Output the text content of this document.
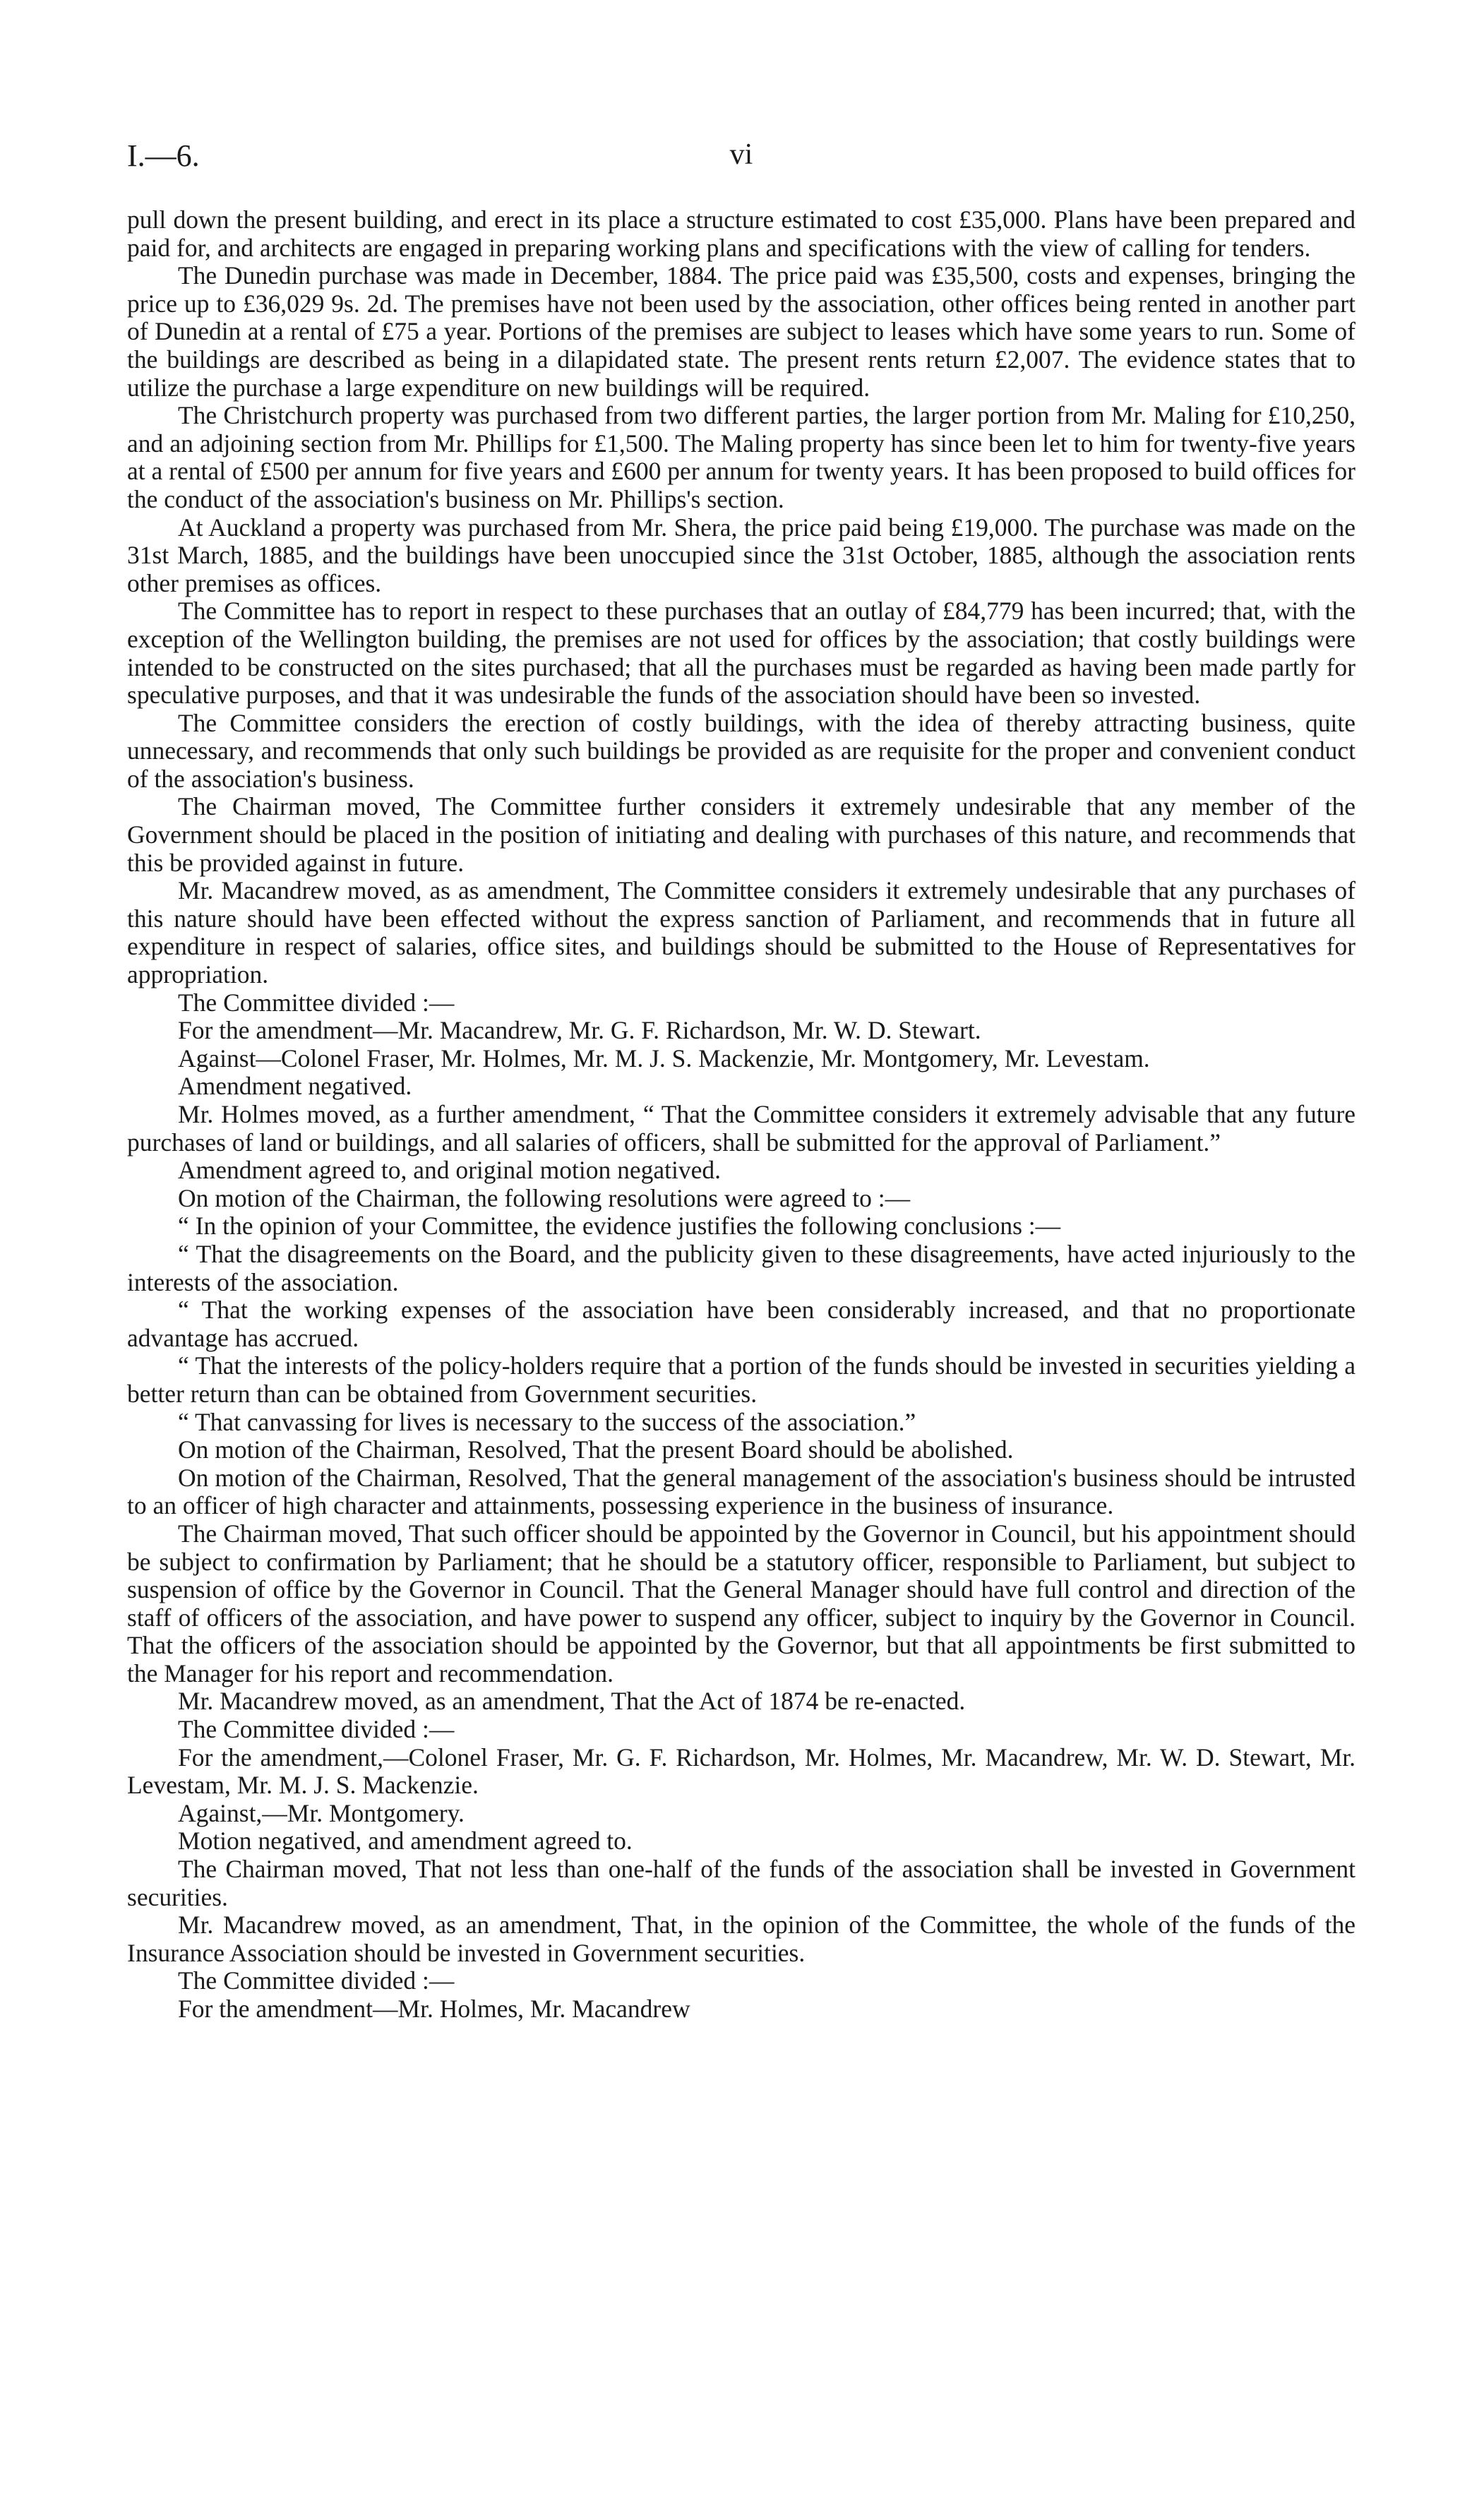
I.—6.	vi

pull down the present building, and erect in its place a structure estimated to cost £35,000. Plans have been prepared and paid for, and architects are engaged in preparing working plans and specifications with the view of calling for tenders.

The Dunedin purchase was made in December, 1884. The price paid was £35,500, costs and expenses, bringing the price up to £36,029 9s. 2d. The premises have not been used by the association, other offices being rented in another part of Dunedin at a rental of £75 a year. Portions of the premises are subject to leases which have some years to run. Some of the buildings are described as being in a dilapidated state. The present rents return £2,007. The evidence states that to utilize the purchase a large expenditure on new buildings will be required.

The Christchurch property was purchased from two different parties, the larger portion from Mr. Maling for £10,250, and an adjoining section from Mr. Phillips for £1,500. The Maling property has since been let to him for twenty-five years at a rental of £500 per annum for five years and £600 per annum for twenty years. It has been proposed to build offices for the conduct of the association's business on Mr. Phillips's section.

At Auckland a property was purchased from Mr. Shera, the price paid being £19,000. The purchase was made on the 31st March, 1885, and the buildings have been unoccupied since the 31st October, 1885, although the association rents other premises as offices.

The Committee has to report in respect to these purchases that an outlay of £84,779 has been incurred; that, with the exception of the Wellington building, the premises are not used for offices by the association; that costly buildings were intended to be constructed on the sites purchased; that all the purchases must be regarded as having been made partly for speculative purposes, and that it was undesirable the funds of the association should have been so invested.

The Committee considers the erection of costly buildings, with the idea of thereby attracting business, quite unnecessary, and recommends that only such buildings be provided as are requisite for the proper and convenient conduct of the association's business.

The Chairman moved, The Committee further considers it extremely undesirable that any member of the Government should be placed in the position of initiating and dealing with purchases of this nature, and recommends that this be provided against in future.

Mr. Macandrew moved, as as amendment, The Committee considers it extremely undesirable that any purchases of this nature should have been effected without the express sanction of Parliament, and recommends that in future all expenditure in respect of salaries, office sites, and buildings should be submitted to the House of Representatives for appropriation.

The Committee divided :—

For the amendment—Mr. Macandrew, Mr. G. F. Richardson, Mr. W. D. Stewart.

Against—Colonel Fraser, Mr. Holmes, Mr. M. J. S. Mackenzie, Mr. Montgomery, Mr. Levestam.

Amendment negatived.

Mr. Holmes moved, as a further amendment, “ That the Committee considers it extremely advisable that any future purchases of land or buildings, and all salaries of officers, shall be submitted for the approval of Parliament.”

Amendment agreed to, and original motion negatived.

On motion of the Chairman, the following resolutions were agreed to :—

“ In the opinion of your Committee, the evidence justifies the following conclusions :—

“ That the disagreements on the Board, and the publicity given to these disagreements, have acted injuriously to the interests of the association.

“ That the working expenses of the association have been considerably increased, and that no proportionate advantage has accrued.

“ That the interests of the policy-holders require that a portion of the funds should be invested in securities yielding a better return than can be obtained from Government securities.

“ That canvassing for lives is necessary to the success of the association.”

On motion of the Chairman, Resolved, That the present Board should be abolished.

On motion of the Chairman, Resolved, That the general management of the association's business should be intrusted to an officer of high character and attainments, possessing experience in the business of insurance.

The Chairman moved, That such officer should be appointed by the Governor in Council, but his appointment should be subject to confirmation by Parliament; that he should be a statutory officer, responsible to Parliament, but subject to suspension of office by the Governor in Council. That the General Manager should have full control and direction of the staff of officers of the association, and have power to suspend any officer, subject to inquiry by the Governor in Council. That the officers of the association should be appointed by the Governor, but that all appointments be first submitted to the Manager for his report and recommendation.

Mr. Macandrew moved, as an amendment, That the Act of 1874 be re-enacted.

The Committee divided :—

For the amendment,—Colonel Fraser, Mr. G. F. Richardson, Mr. Holmes, Mr. Macandrew, Mr. W. D. Stewart, Mr. Levestam, Mr. M. J. S. Mackenzie.

Against,—Mr. Montgomery.

Motion negatived, and amendment agreed to.

The Chairman moved, That not less than one-half of the funds of the association shall be invested in Government securities.

Mr. Macandrew moved, as an amendment, That, in the opinion of the Committee, the whole of the funds of the Insurance Association should be invested in Government securities.

The Committee divided :—

For the amendment—Mr. Holmes, Mr. Macandrew
